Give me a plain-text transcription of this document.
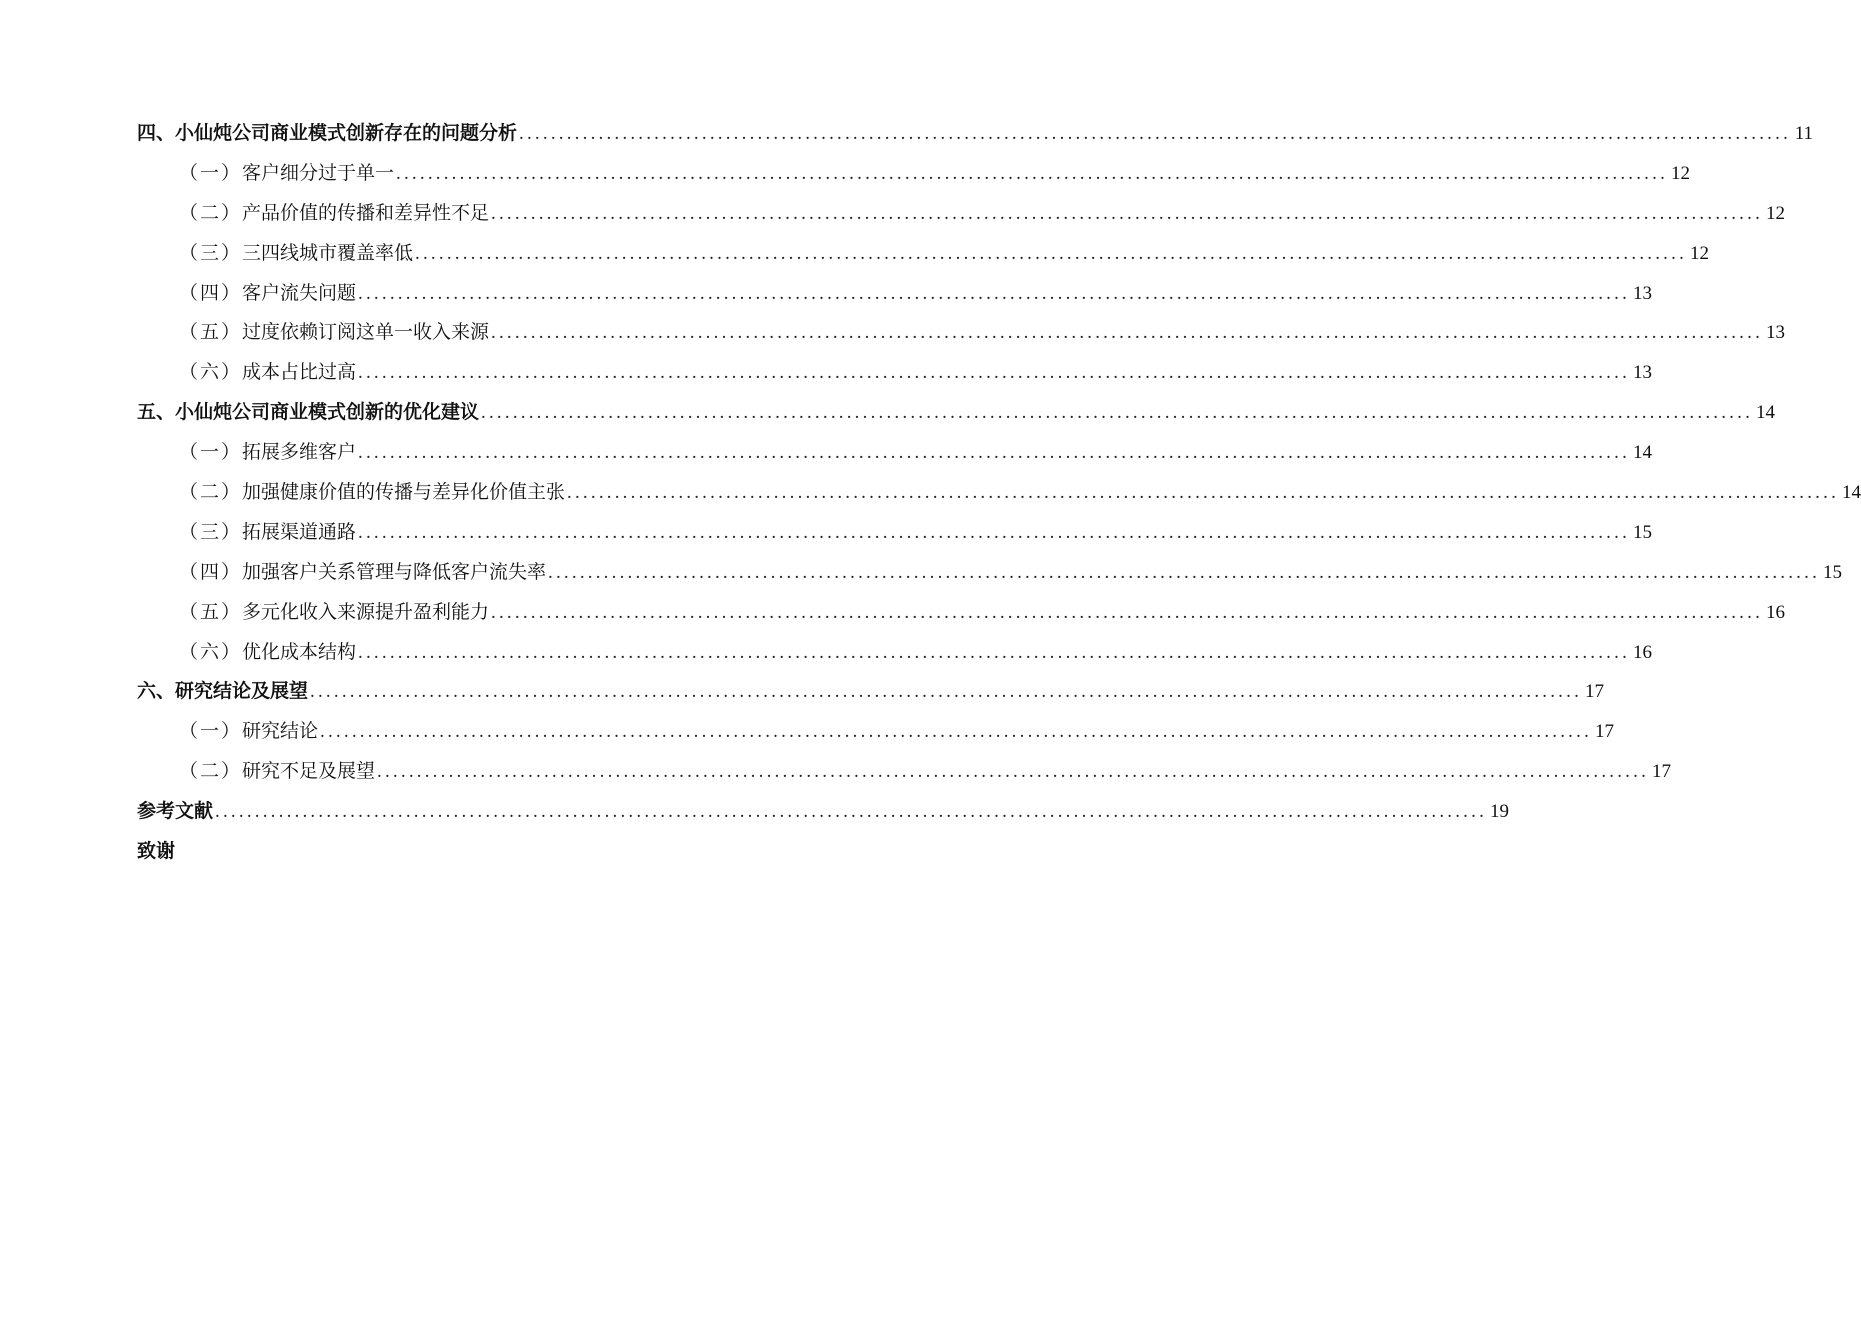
四、 小仙炖公司商业模式创新存在的问题分析 ................................................................................................................................................................ 11
（一） 客户细分过于单一 ................................................................................................................................................................ 12
（二） 产品价值的传播和差异性不足 ................................................................................................................................................................ 12
（三） 三四线城市覆盖率低 ................................................................................................................................................................ 12
（四） 客户流失问题 ................................................................................................................................................................ 13
（五） 过度依赖订阅这单一收入来源 ................................................................................................................................................................ 13
（六） 成本占比过高 ................................................................................................................................................................ 13
五、 小仙炖公司商业模式创新的优化建议 ................................................................................................................................................................ 14
（一） 拓展多维客户 ................................................................................................................................................................ 14
（二） 加强健康价值的传播与差异化价值主张 ................................................................................................................................................................ 14
（三） 拓展渠道通路 ................................................................................................................................................................ 15
（四） 加强客户关系管理与降低客户流失率 ................................................................................................................................................................ 15
（五） 多元化收入来源提升盈利能力 ................................................................................................................................................................ 16
（六） 优化成本结构 ................................................................................................................................................................ 16
六、 研究结论及展望 ................................................................................................................................................................ 17
（一） 研究结论 ................................................................................................................................................................ 17
（二） 研究不足及展望 ................................................................................................................................................................ 17
参考文献 ................................................................................................................................................................ 19
致谢
